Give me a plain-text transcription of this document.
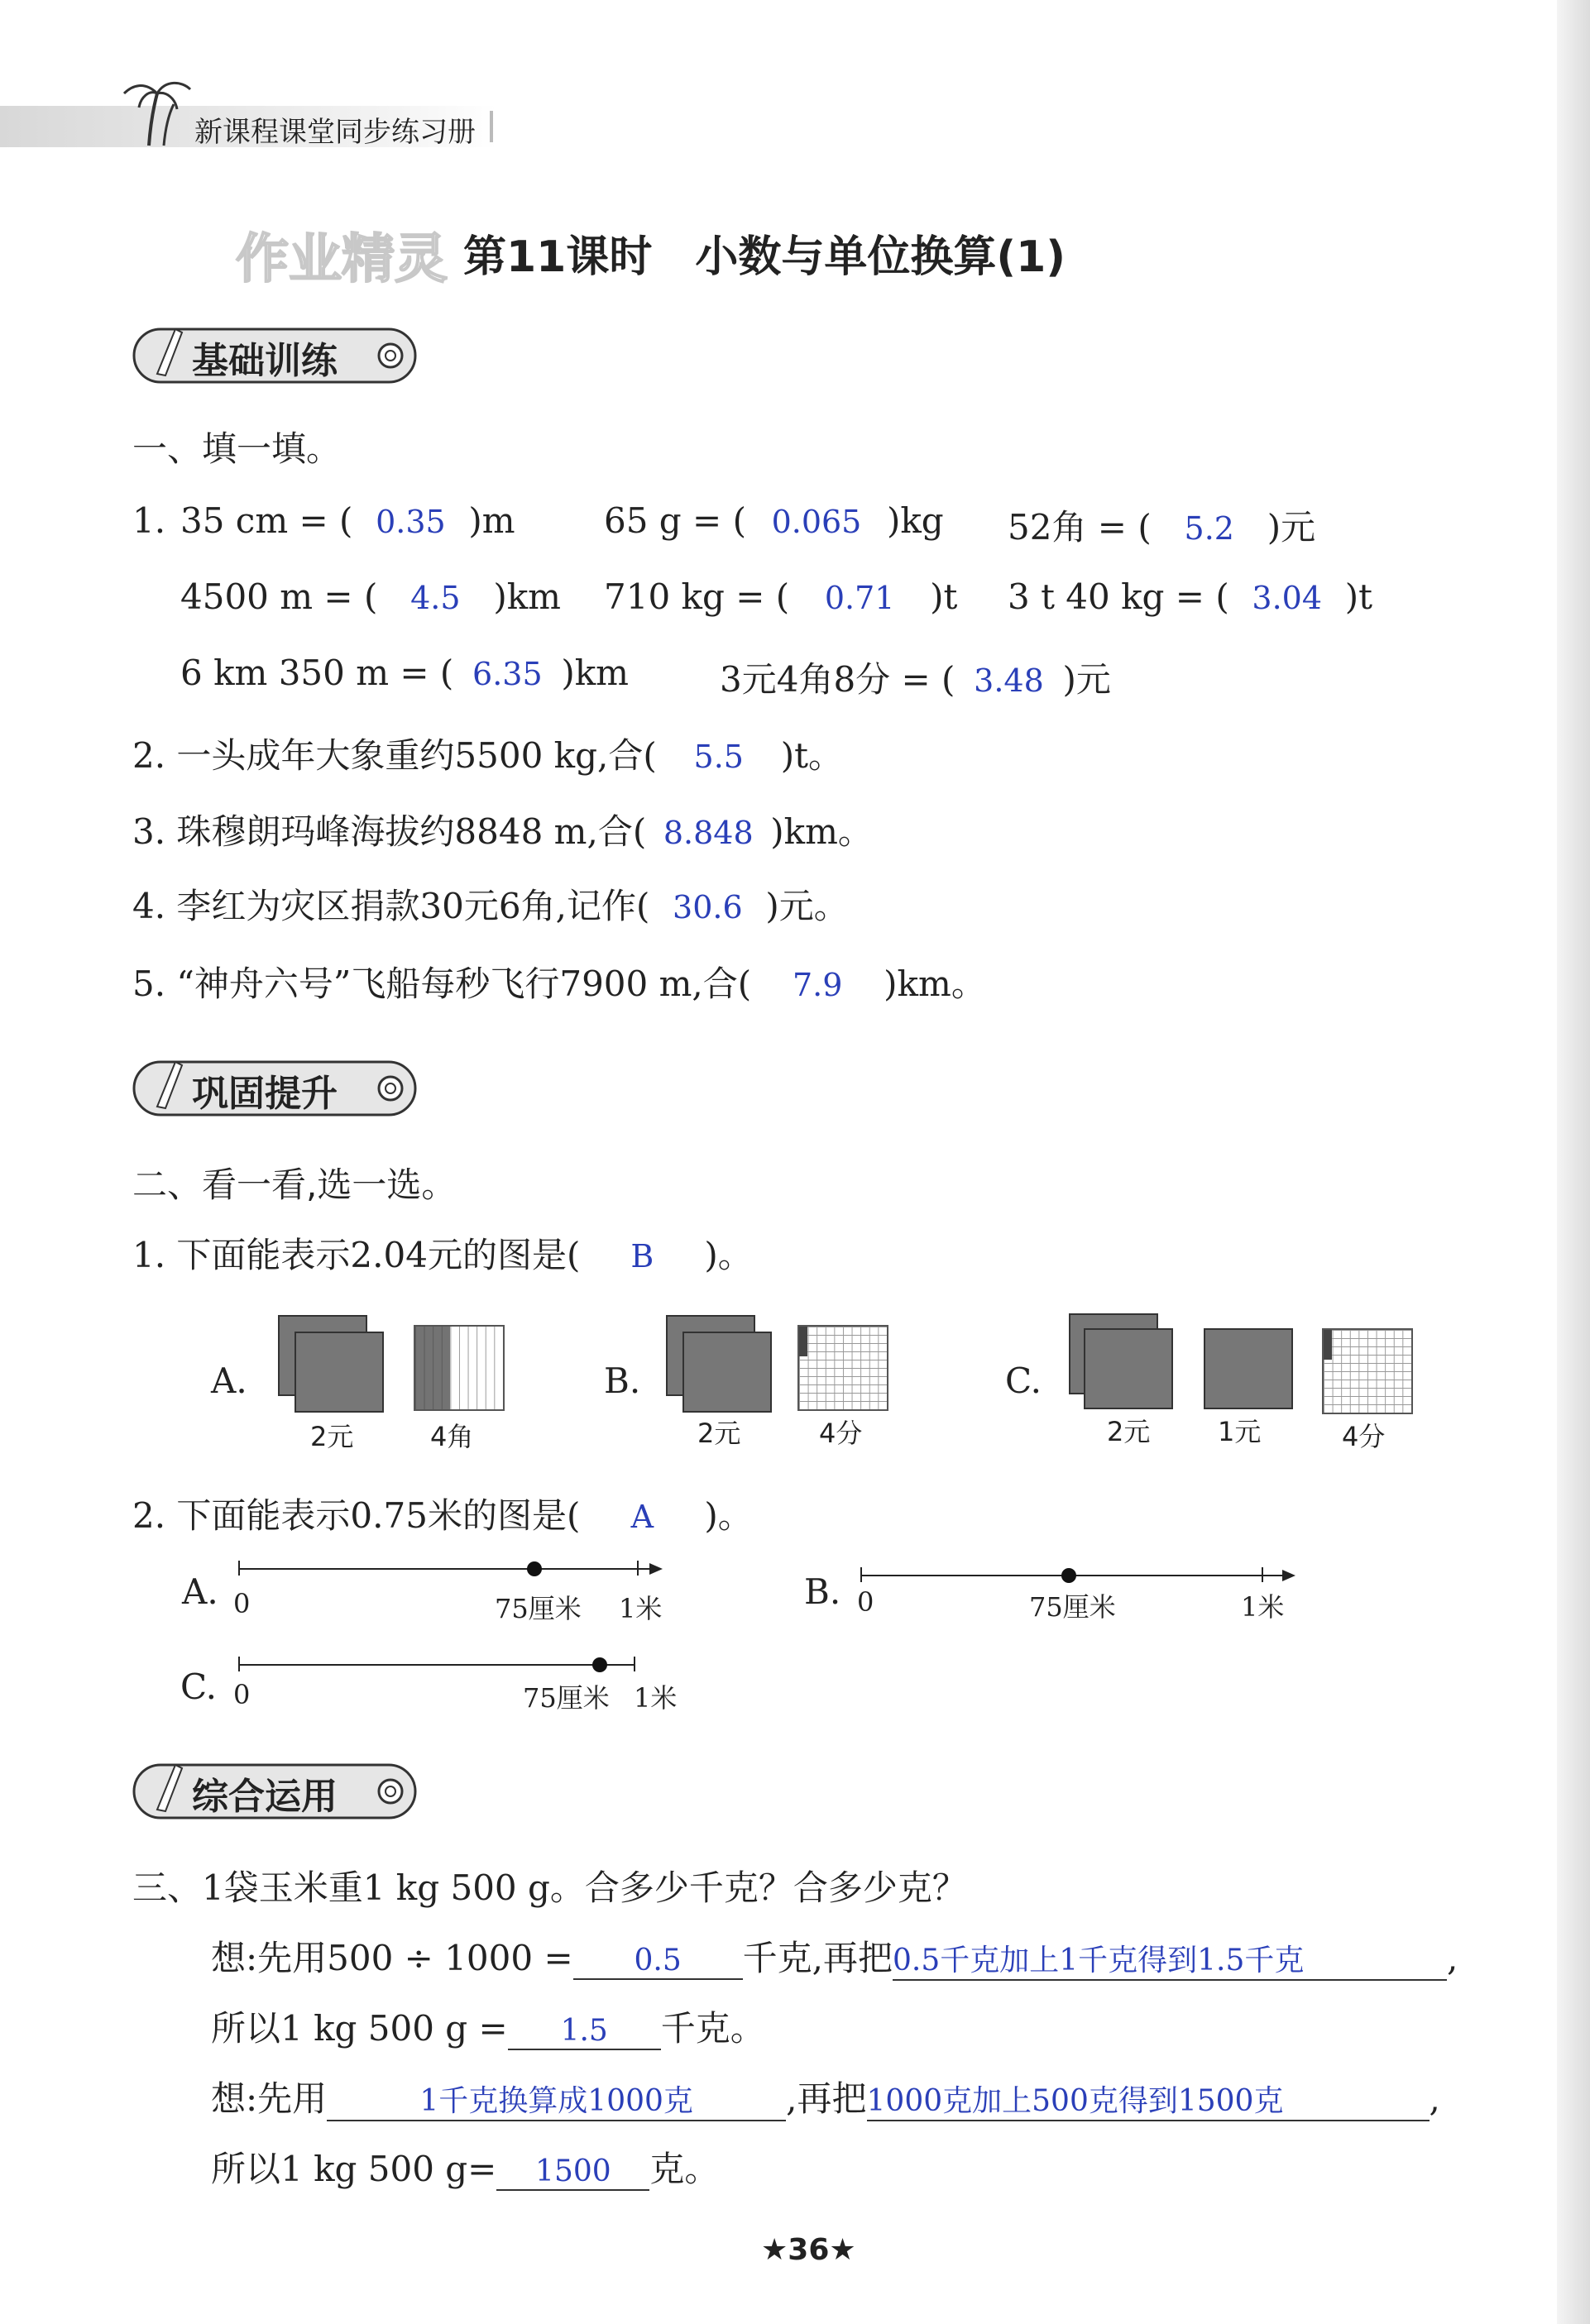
新课程课堂同步练习册
作业精灵 第11课时　小数与单位换算(1)
基础训练
一、填一填。
1. 35 cm = ( 0.35 )m	65 g = ( 0.065 )kg 52角 = ( 5.2 )元
4500 m = ( 4.5 )km 710 kg = ( 0.71 )t 3 t 40 kg = ( 3.04 )t
6 km 350 m = ( 6.35 )km	3元4角8分 = ( 3.48 )元
2. 一头成年大象重约5500 kg,合( 5.5 )t。
3. 珠穆朗玛峰海拔约8848 m,合( 8.848 )km。
4. 李红为灾区捐款30元6角,记作( 30.6 )元。
5. “神舟六号”飞船每秒飞行7900 m,合( 7.9 )km。
巩固提升
二、看一看,选一选。
1. 下面能表示2.04元的图是( B )。
A.
2元	4角
B.
2元	4分
C.
2元	1元	4分
2. 下面能表示0.75米的图是( A )。
A. 0	75厘米 1米	B. 0	75厘米	1米
C. 0	75厘米 1米
综合运用
三、1袋玉米重1 kg 500 g。合多少千克？合多少克？
想:先用500 ÷ 1000 = 0.5 千克,再把0.5千克加上1千克得到1.5千克	,
所以1 kg 500 g = 1.5 千克。
想:先用	1千克换算成1000克	,再把1000克加上500克得到1500克	,
所以1 kg 500 g= 1500 克。
★36★
